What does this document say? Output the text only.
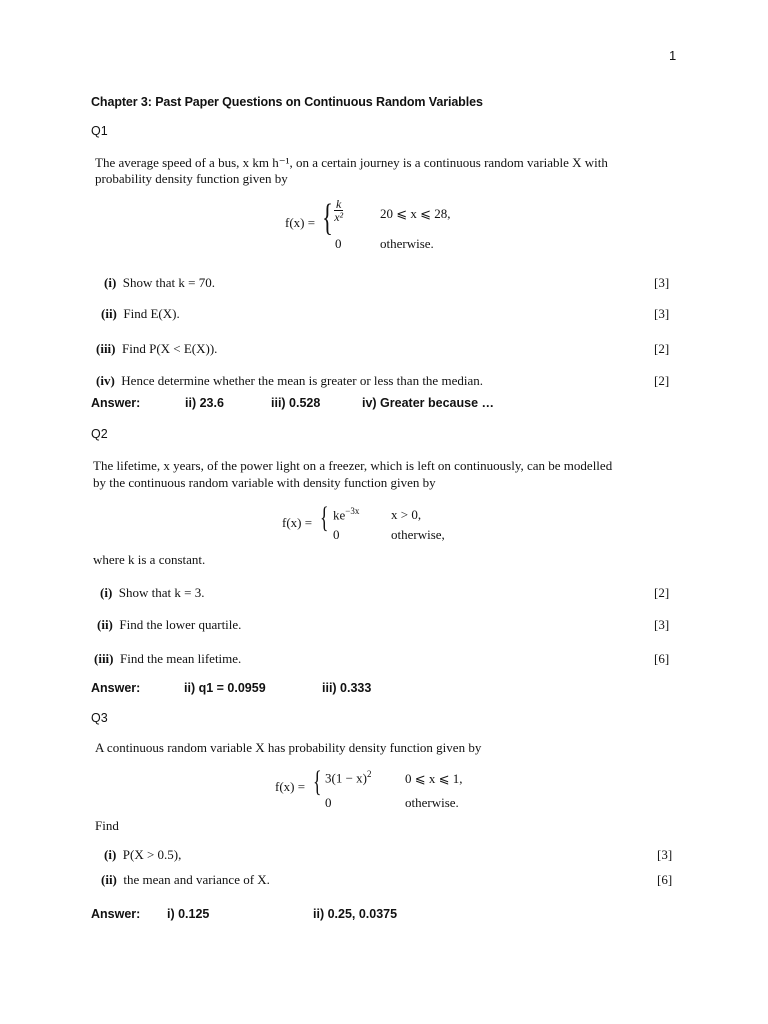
1
Chapter 3: Past Paper Questions on Continuous Random Variables
Q1
The average speed of a bus, x km h⁻¹, on a certain journey is a continuous random variable X with
probability density function given by
f(x) = { $\frac{k}{\text{x²}}$	20 ⩽ x ⩽ 28,
0	otherwise.
(i) Show that k = 70.	[3]
(ii) Find E(X).	[3]
(iii) Find P(X < E(X)).	[2]
(iv) Hence determine whether the mean is greater or less than the median.	[2]
Answer:	ii) 23.6	iii) 0.528	iv) Greater because …
Q2
The lifetime, x years, of the power light on a freezer, which is left on continuously, can be modelled
by the continuous random variable with density function given by
f(x) = { $ke^{-3x}$ x > 0,
0	otherwise,
where k is a constant.
(i) Show that k = 3.	[2]
(ii) Find the lower quartile.	[3]
(iii) Find the mean lifetime.	[6]
Answer:	ii) q1 = 0.0959	iii) 0.333
Q3
A continuous random variable X has probability density function given by
f(x) = { $3(1 - x)^2$	0 ⩽ x ⩽ 1,
0	otherwise.
Find
(i) P(X > 0.5),	[3]
(ii) the mean and variance of X.	[6]
Answer: i) 0.125	ii) 0.25, 0.0375
